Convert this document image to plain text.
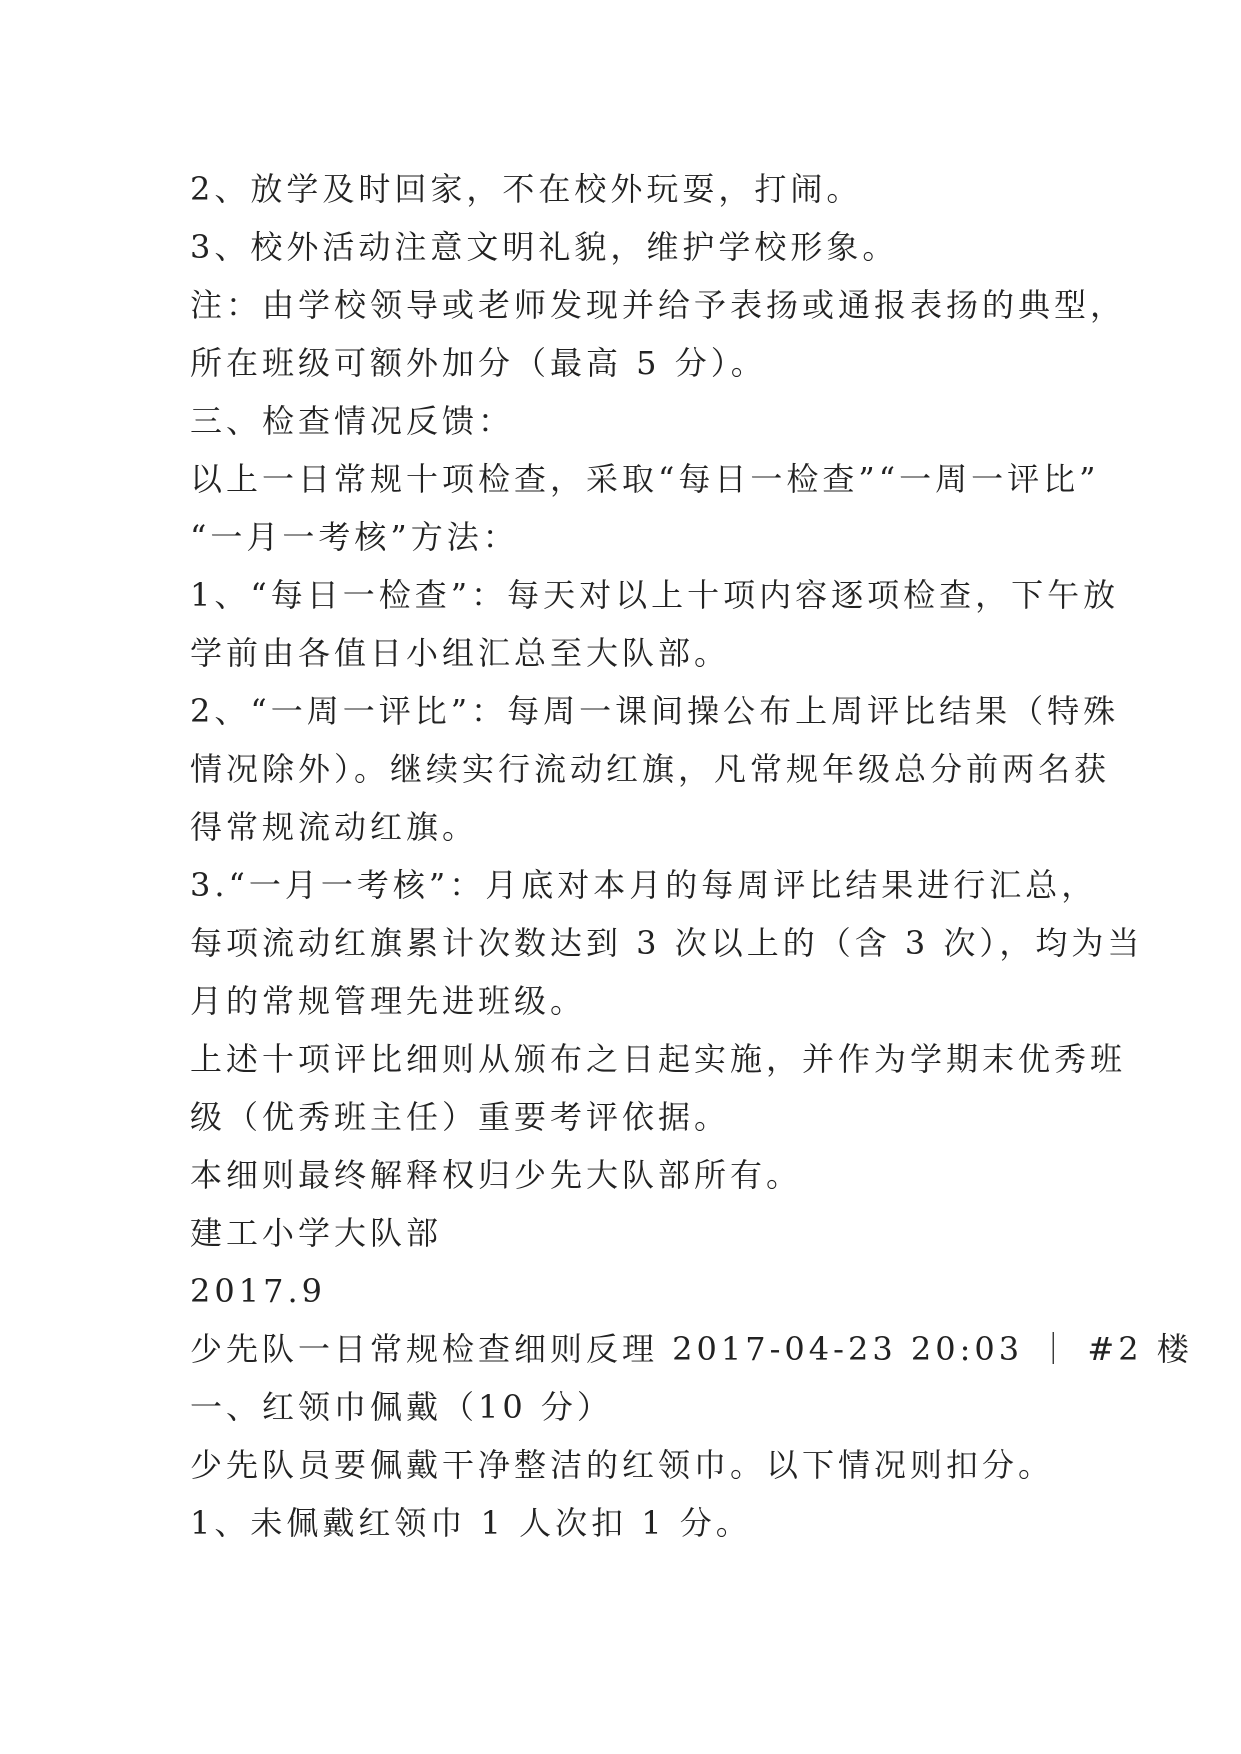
2、放学及时回家，不在校外玩耍，打闹。
3、校外活动注意文明礼貌，维护学校形象。
注：由学校领导或老师发现并给予表扬或通报表扬的典型，
所在班级可额外加分（最高 5 分）。
三、检查情况反馈：
以上一日常规十项检查，采取“每日一检查”“一周一评比”
“一月一考核”方法：
1、“每日一检查”：每天对以上十项内容逐项检查，下午放
学前由各值日小组汇总至大队部。
2、“一周一评比”：每周一课间操公布上周评比结果（特殊
情况除外）。继续实行流动红旗，凡常规年级总分前两名获
得常规流动红旗。
3.“一月一考核”：月底对本月的每周评比结果进行汇总，
每项流动红旗累计次数达到 3 次以上的（含 3 次），均为当
月的常规管理先进班级。
上述十项评比细则从颁布之日起实施，并作为学期末优秀班
级（优秀班主任）重要考评依据。
本细则最终解释权归少先大队部所有。
建工小学大队部
2017.9
少先队一日常规检查细则反理 2017-04-23 20:03 ｜ #2 楼
一、红领巾佩戴（10 分）
少先队员要佩戴干净整洁的红领巾。以下情况则扣分。
1、未佩戴红领巾 1 人次扣 1 分。
